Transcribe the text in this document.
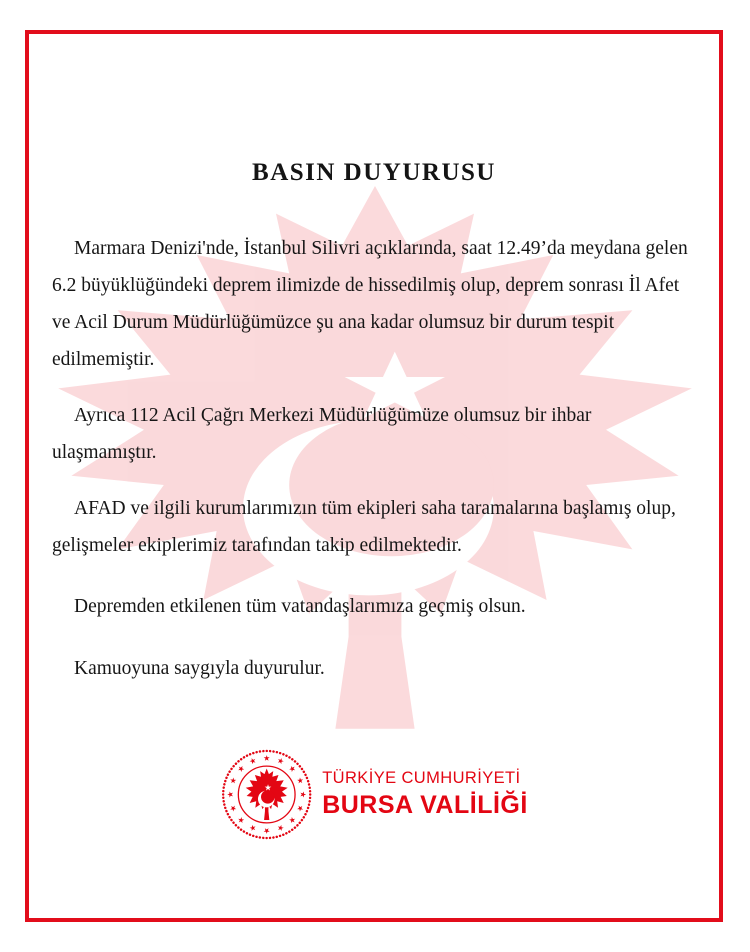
BASIN DUYURUSU

Marmara Denizi'nde, İstanbul Silivri açıklarında, saat 12.49’da meydana gelen 6.2 büyüklüğündeki deprem ilimizde de hissedilmiş olup, deprem sonrası İl Afet ve Acil Durum Müdürlüğümüzce şu ana kadar olumsuz bir durum tespit edilmemiştir.

Ayrıca 112 Acil Çağrı Merkezi Müdürlüğümüze olumsuz bir ihbar ulaşmamıştır.

AFAD ve ilgili kurumlarımızın tüm ekipleri saha taramalarına başlamış olup, gelişmeler ekiplerimiz tarafından takip edilmektedir.

Depremden etkilenen tüm vatandaşlarımıza geçmiş olsun.

Kamuoyuna saygıyla duyurulur.

TÜRKİYE CUMHURİYETİ
BURSA VALİLİĞİ
